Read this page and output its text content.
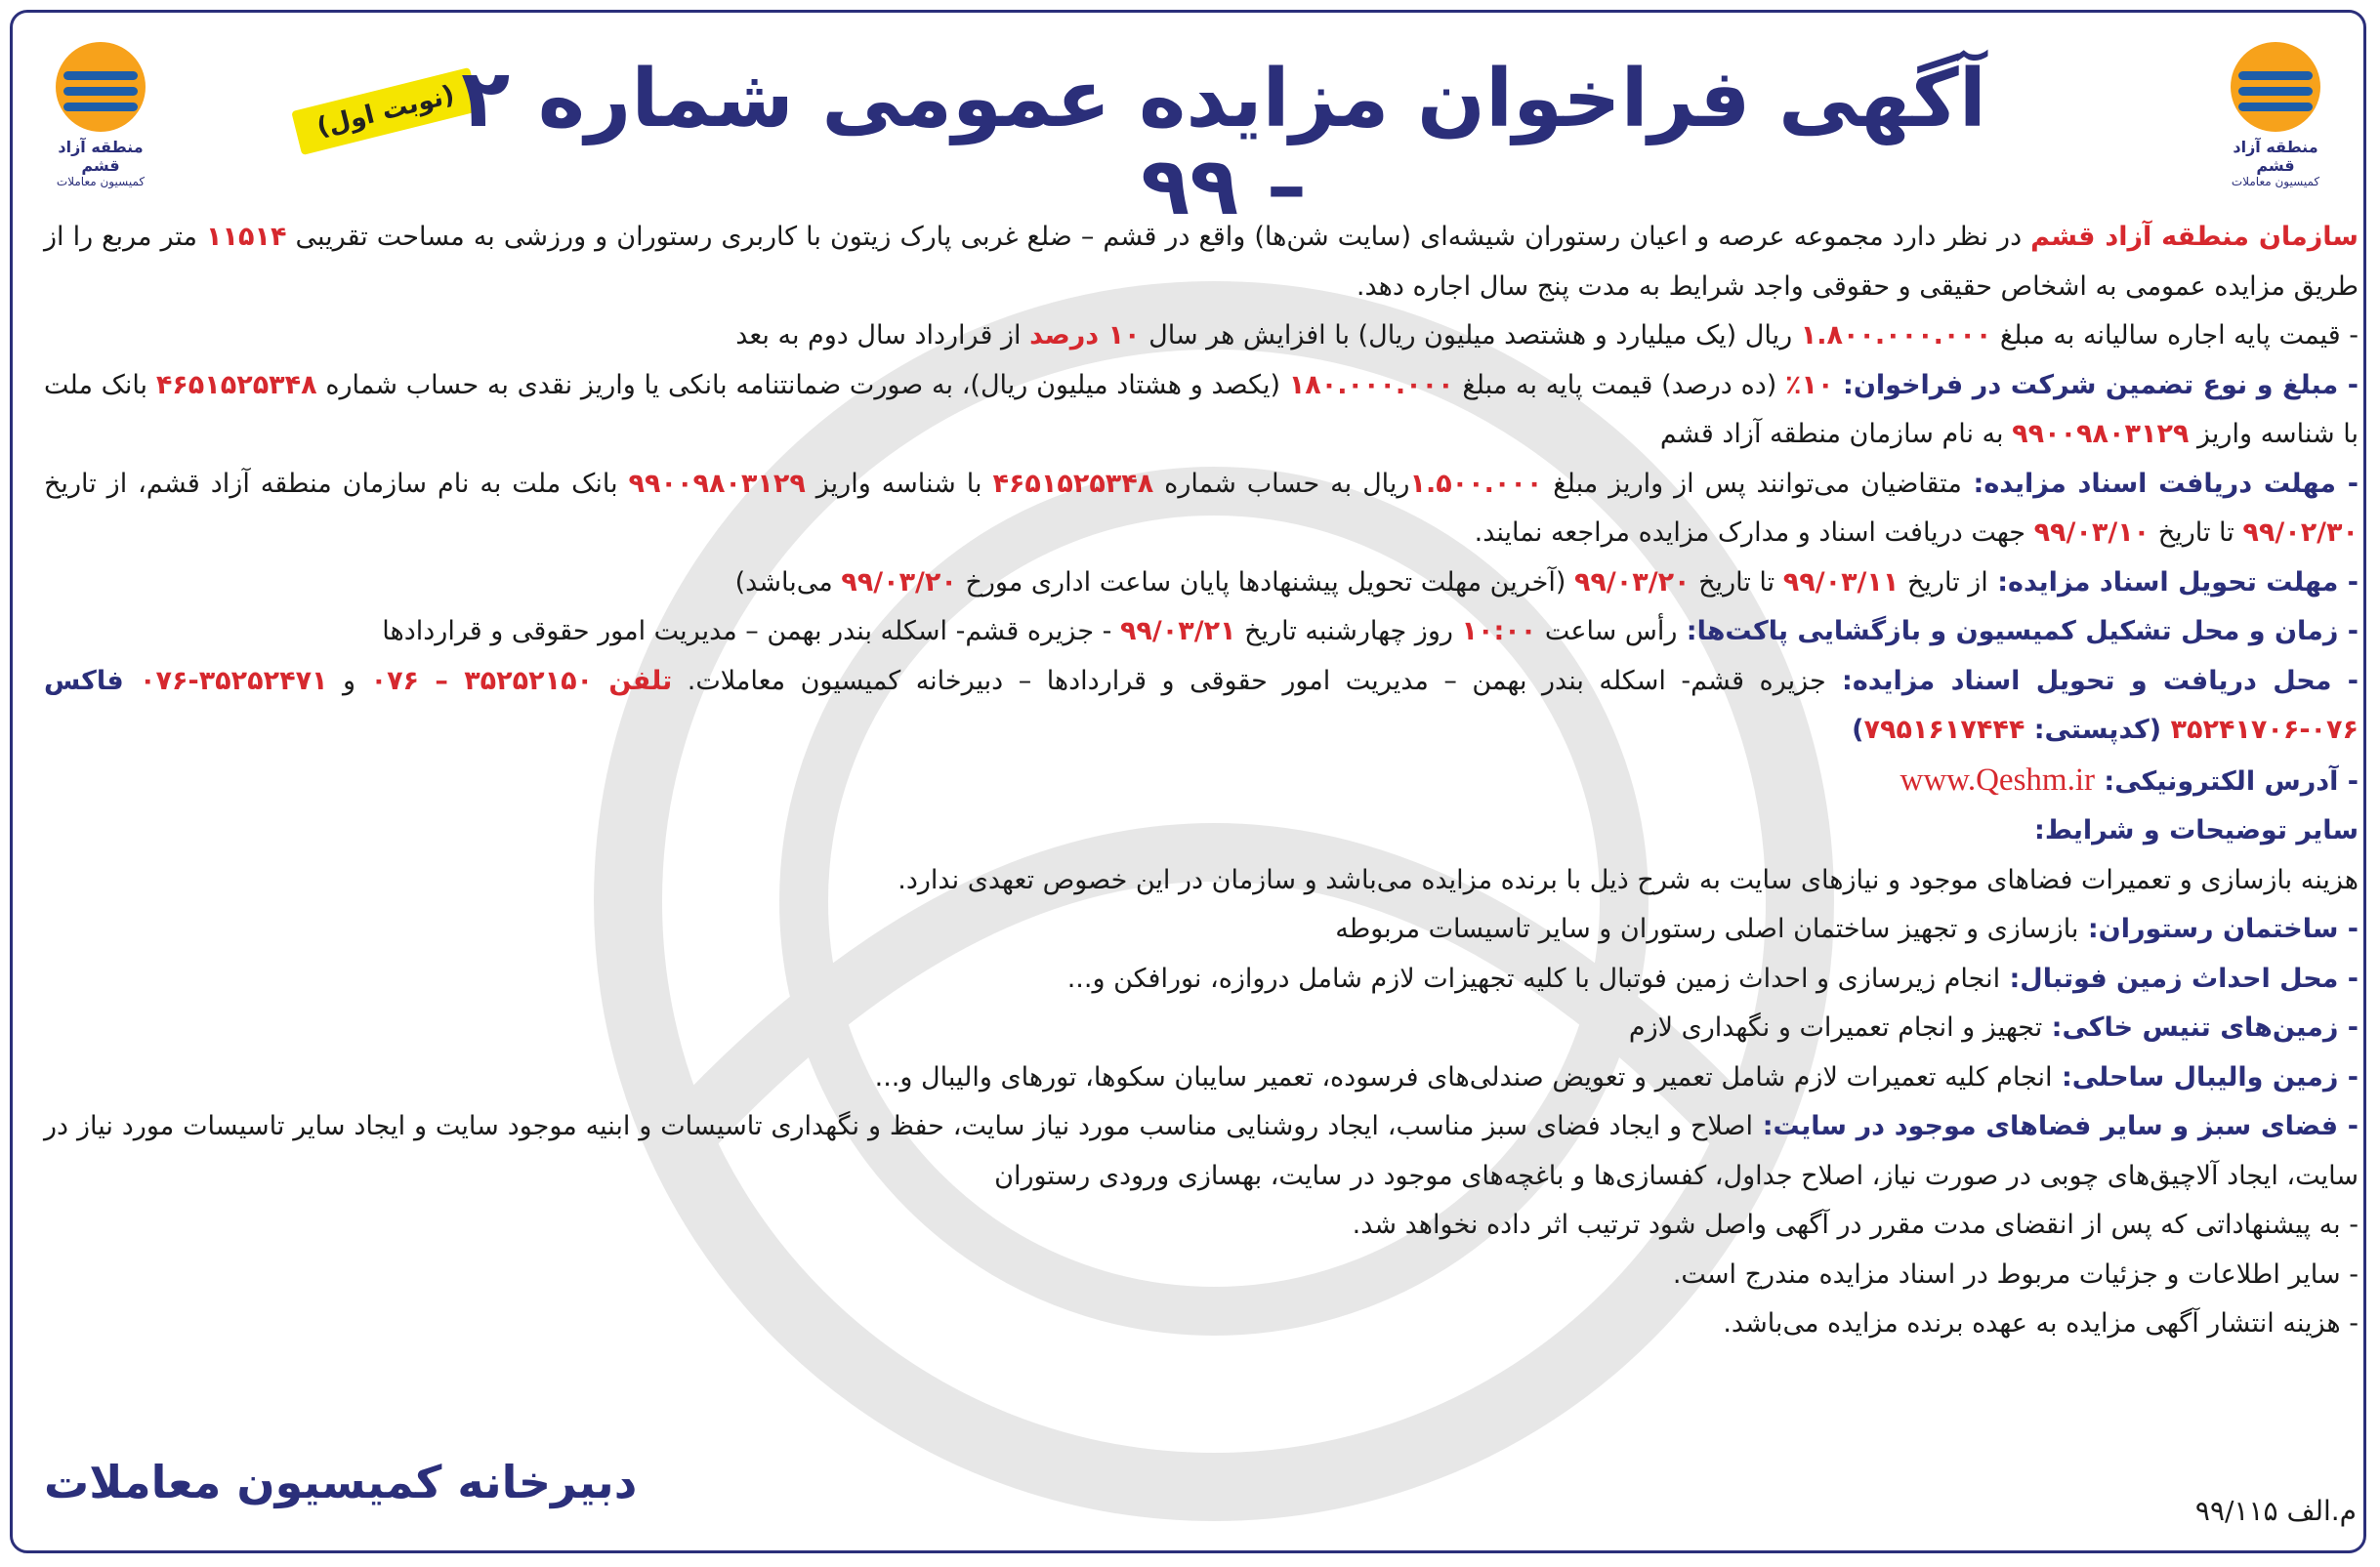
منطقه آزاد قشم
کمیسیون معاملات
منطقه آزاد قشم
کمیسیون معاملات
(نوبت اول) آگهی فراخوان مزایده عمومی شماره ۲ – ۹۹

سازمان منطقه آزاد قشم در نظر دارد مجموعه عرصه و اعیان رستوران شیشه‌ای (سایت شن‌ها) واقع در قشم – ضلع غربی پارک زیتون با کاربری رستوران و ورزشی به مساحت تقریبی ۱۱۵۱۴ متر مربع را از طریق مزایده عمومی به اشخاص حقیقی و حقوقی واجد شرایط به مدت پنج سال اجاره دهد.

- قیمت پایه اجاره سالیانه به مبلغ ۱.۸۰۰.۰۰۰.۰۰۰ ریال (یک میلیارد و هشتصد میلیون ریال) با افزایش هر سال ۱۰ درصد از قرارداد سال دوم به بعد

- مبلغ و نوع تضمین شرکت در فراخوان: ۱۰٪ (ده درصد) قیمت پایه به مبلغ ۱۸۰.۰۰۰.۰۰۰ (یکصد و هشتاد میلیون ریال)، به صورت ضمانتنامه بانکی یا واریز نقدی به حساب شماره ۴۶۵۱۵۲۵۳۴۸ بانک ملت با شناسه واریز ۹۹۰۰۹۸۰۳۱۲۹ به نام سازمان منطقه آزاد قشم

- مهلت دریافت اسناد مزایده: متقاضیان می‌توانند پس از واریز مبلغ ۱.۵۰۰.۰۰۰ریال به حساب شماره ۴۶۵۱۵۲۵۳۴۸ با شناسه واریز ۹۹۰۰۹۸۰۳۱۲۹ بانک ملت به نام سازمان منطقه آزاد قشم، از تاریخ ۹۹/۰۲/۳۰ تا تاریخ ۹۹/۰۳/۱۰ جهت دریافت اسناد و مدارک مزایده مراجعه نمایند.

- مهلت تحویل اسناد مزایده: از تاریخ ۹۹/۰۳/۱۱ تا تاریخ ۹۹/۰۳/۲۰ (آخرین مهلت تحویل پیشنهادها پایان ساعت اداری مورخ ۹۹/۰۳/۲۰ می‌باشد)

- زمان و محل تشکیل کمیسیون و بازگشایی پاکت‌ها: رأس ساعت ۱۰:۰۰ روز چهارشنبه تاریخ ۹۹/۰۳/۲۱ - جزیره قشم- اسکله بندر بهمن – مدیریت امور حقوقی و قراردادها

- محل دریافت و تحویل اسناد مزایده: جزیره قشم- اسکله بندر بهمن – مدیریت امور حقوقی و قراردادها – دبیرخانه کمیسیون معاملات. تلفن ۳۵۲۵۲۱۵۰ – ۰۷۶ و ۳۵۲۵۲۴۷۱-۰۷۶ فاکس ۰۷۶-۳۵۲۴۱۷۰۶ (کدپستی: ۷۹۵۱۶۱۷۴۴۴)

- آدرس الکترونیکی: www.Qeshm.ir

سایر توضیحات و شرایط:

هزینه بازسازی و تعمیرات فضاهای موجود و نیازهای سایت به شرح ذیل با برنده مزایده می‌باشد و سازمان در این خصوص تعهدی ندارد.

- ساختمان رستوران: بازسازی و تجهیز ساختمان اصلی رستوران و سایر تاسیسات مربوطه

- محل احداث زمین فوتبال: انجام زیرسازی و احداث زمین فوتبال با کلیه تجهیزات لازم شامل دروازه، نورافکن و...

- زمین‌های تنیس خاکی: تجهیز و انجام تعمیرات و نگهداری لازم

- زمین والیبال ساحلی: انجام کلیه تعمیرات لازم شامل تعمیر و تعویض صندلی‌های فرسوده، تعمیر سایبان سکوها، تورهای والیبال و...

- فضای سبز و سایر فضاهای موجود در سایت: اصلاح و ایجاد فضای سبز مناسب، ایجاد روشنایی مناسب مورد نیاز سایت، حفظ و نگهداری تاسیسات و ابنیه موجود سایت و ایجاد سایر تاسیسات مورد نیاز در سایت، ایجاد آلاچیق‌های چوبی در صورت نیاز، اصلاح جداول، کفسازی‌ها و باغچه‌های موجود در سایت، بهسازی ورودی رستوران

- به پیشنهاداتی که پس از انقضای مدت مقرر در آگهی واصل شود ترتیب اثر داده نخواهد شد.

- سایر اطلاعات و جزئیات مربوط در اسناد مزایده مندرج است.

- هزینه انتشار آگهی مزایده به عهده برنده مزایده می‌باشد.

م.الف ۹۹/۱۱۵
دبیرخانه کمیسیون معاملات
